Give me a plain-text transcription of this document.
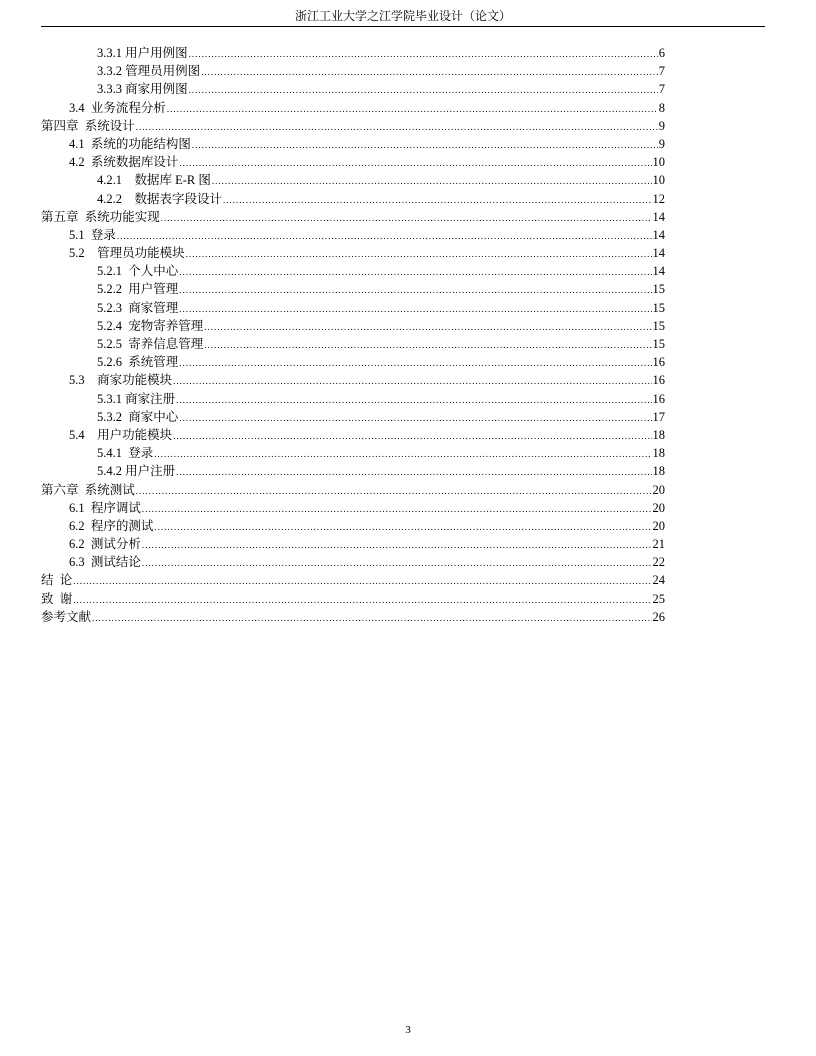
浙江工业大学之江学院毕业设计（论文）
3.3.1 用户用例图 .....	6
3.3.2 管理员用例图 .....	7
3.3.3 商家用例图 .....	7
3.4  业务流程分析 .....	8
第四章  系统设计 .....	9
4.1  系统的功能结构图 .....	9
4.2  系统数据库设计 .....	10
4.2.1    数据库 E-R 图 .....	10
4.2.2    数据表字段设计 .....	12
第五章  系统功能实现 .....	14
5.1  登录 .....	14
5.2    管理员功能模块 .....	14
5.2.1  个人中心 .....	14
5.2.2  用户管理 .....	15
5.2.3  商家管理 .....	15
5.2.4  宠物寄养管理 .....	15
5.2.5  寄养信息管理 .....	15
5.2.6  系统管理 .....	16
5.3    商家功能模块 .....	16
5.3.1 商家注册 .....	16
5.3.2  商家中心 .....	17
5.4    用户功能模块 .....	18
5.4.1  登录 .....	18
5.4.2 用户注册 .....	18
第六章  系统测试 .....	20
6.1  程序调试 .....	20
6.2  程序的测试 .....	20
6.2  测试分析 .....	21
6.3  测试结论 .....	22
结  论 .....	24
致  谢 .....	25
参考文献 .....	26
3
